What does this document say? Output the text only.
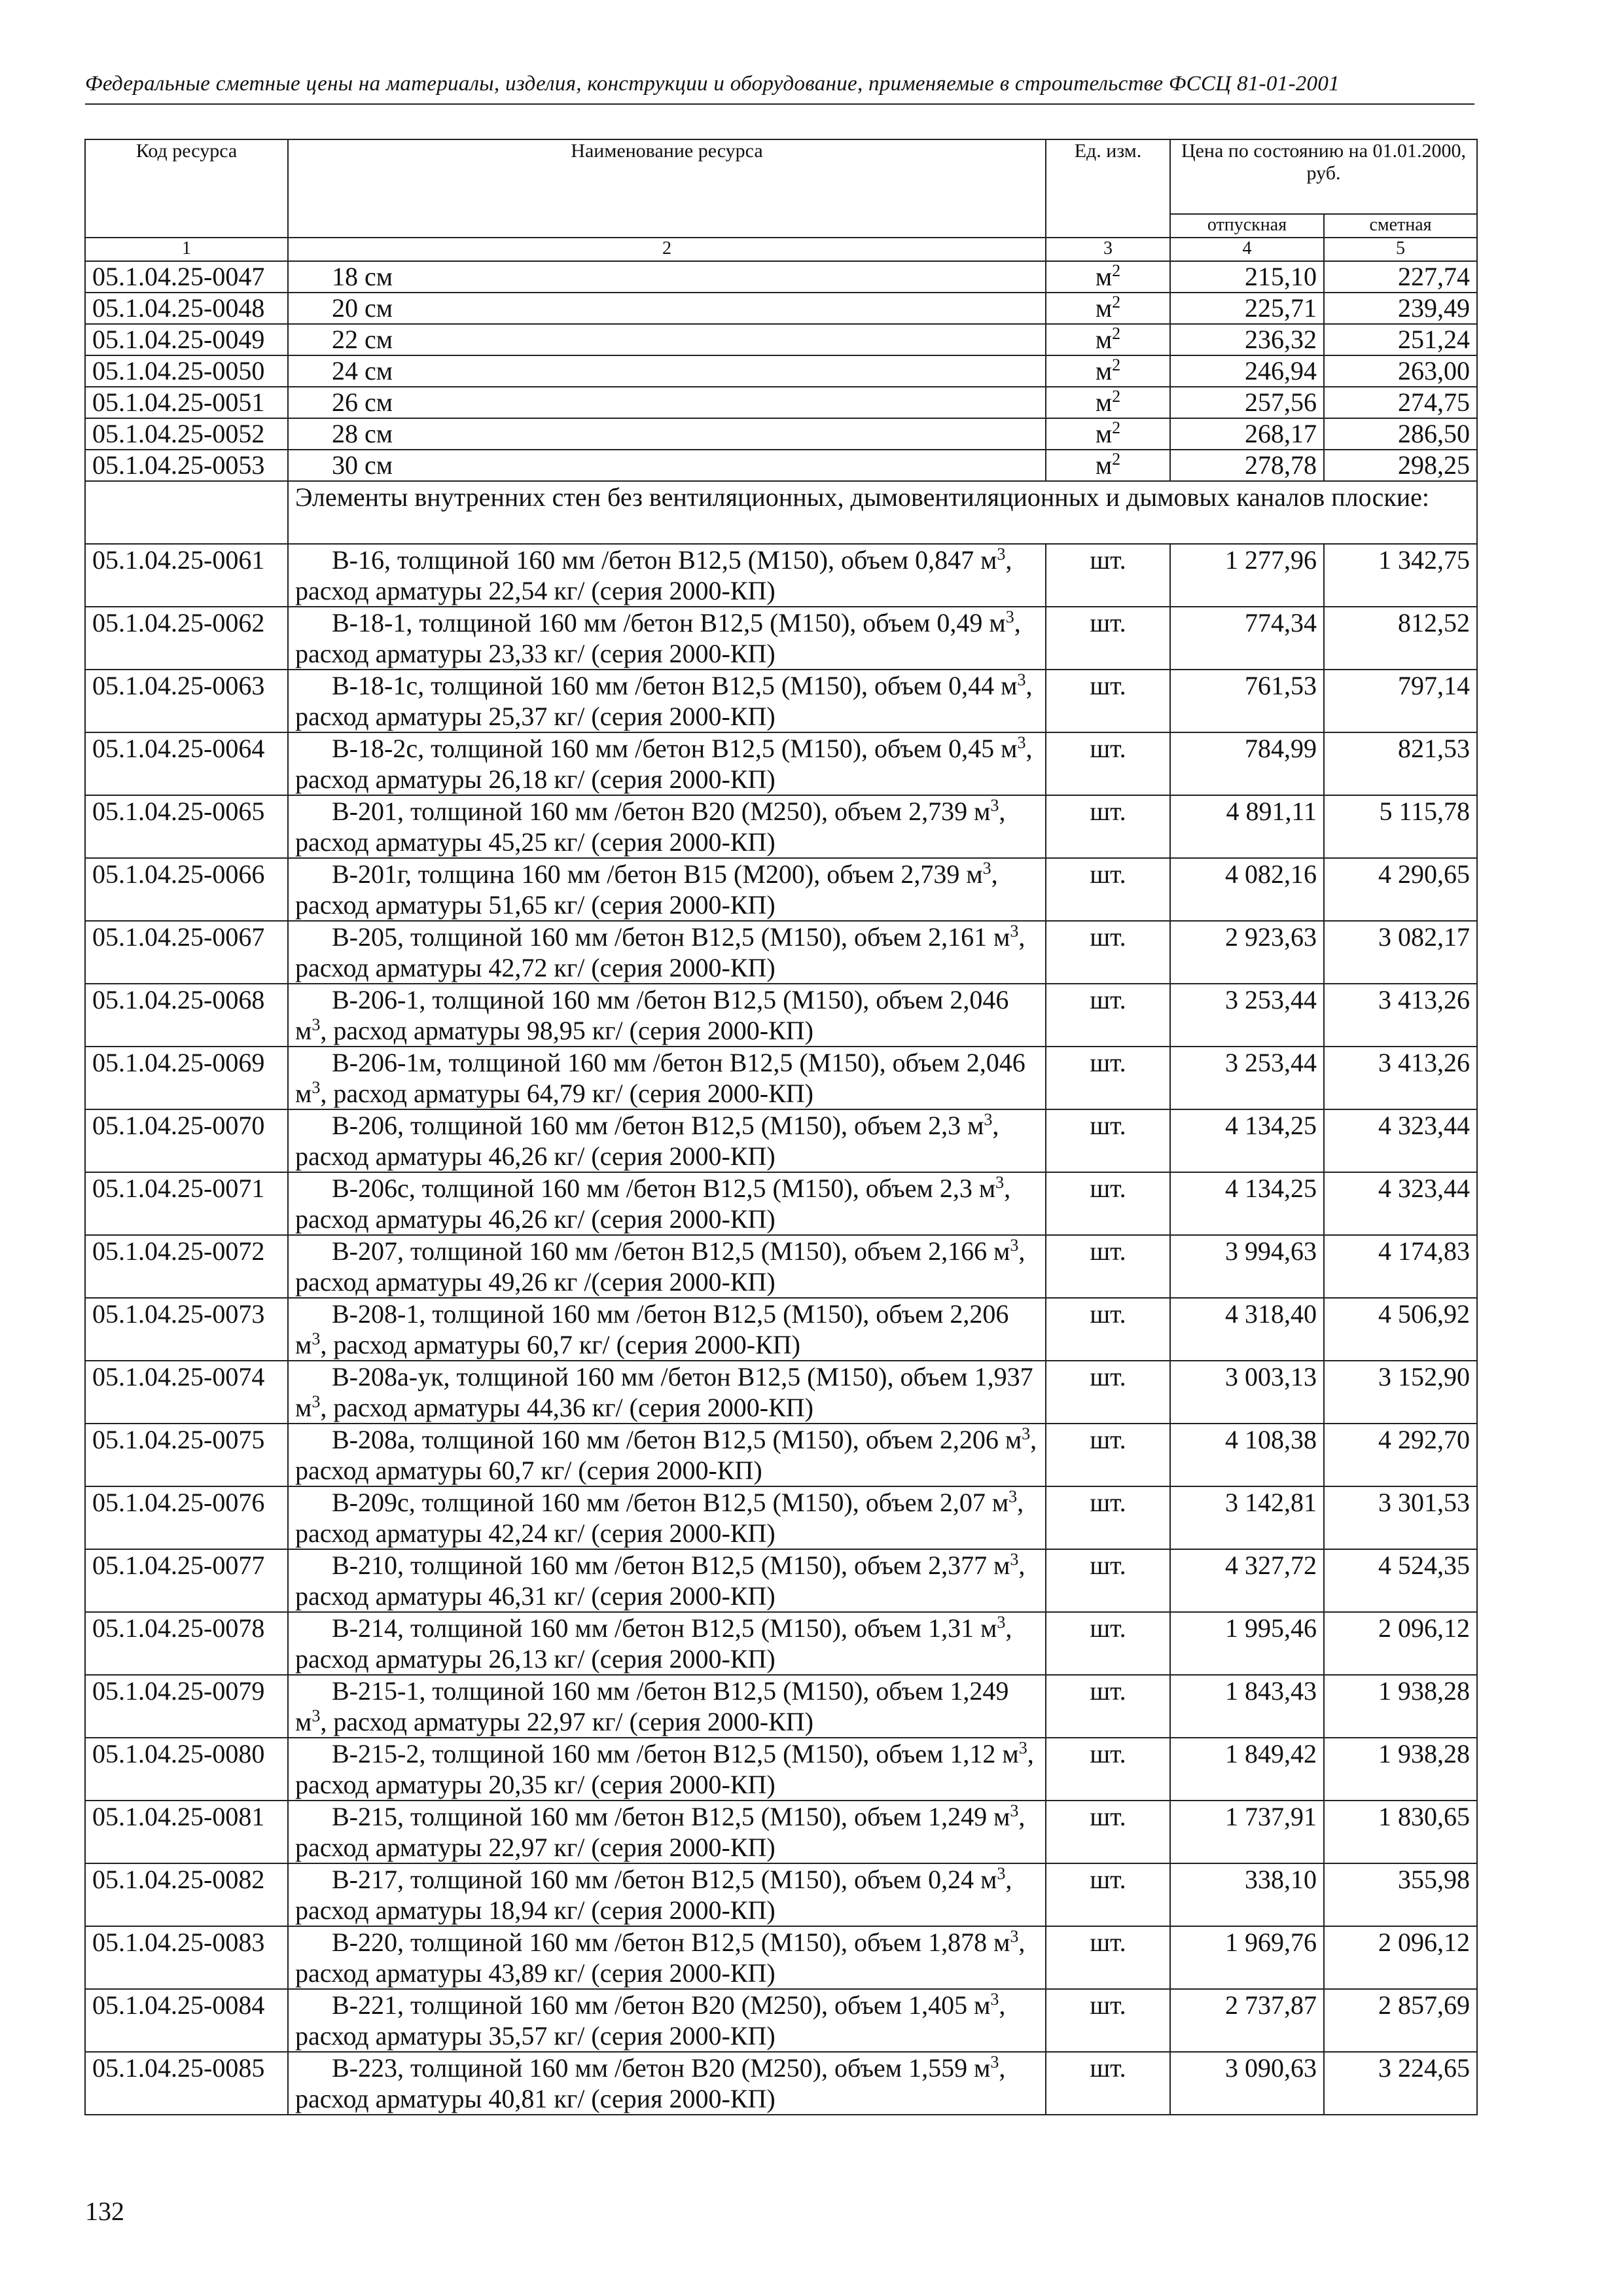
Федеральные сметные цены на материалы, изделия, конструкции и оборудование, применяемые в строительстве ФССЦ 81-01-2001
Код ресурса	Наименование ресурса	Ед. изм.	Цена по состоянию на 01.01.2000, руб.	
			отпускная	сметная
1	2	3	4	5
05.1.04.25-0047	18 см	$м^2$	215,10	227,74
05.1.04.25-0048	20 см	$м^2$	225,71	239,49
05.1.04.25-0049	22 см	$м^2$	236,32	251,24
05.1.04.25-0050	24 см	$м^2$	246,94	263,00
05.1.04.25-0051	26 см	$м^2$	257,56	274,75
05.1.04.25-0052	28 см	$м^2$	268,17	286,50
05.1.04.25-0053	30 см	$м^2$	278,78	298,25
	Элементы внутренних стен без вентиляционных, дымовентиляционных и дымовых каналов плоские:			
05.1.04.25-0061	В-16, толщиной 160 мм /бетон В12,5 (М150), объем 0,847 $м^3$, расход арматуры 22,54 кг/ (серия 2000-КП)	шт.	1 277,96	1 342,75
05.1.04.25-0062	В-18-1, толщиной 160 мм /бетон В12,5 (М150), объем 0,49 $м^3$, расход арматуры 23,33 кг/ (серия 2000-КП)	шт.	774,34	812,52
05.1.04.25-0063	В-18-1с, толщиной 160 мм /бетон В12,5 (М150), объем 0,44 $м^3$, расход арматуры 25,37 кг/ (серия 2000-КП)	шт.	761,53	797,14
05.1.04.25-0064	В-18-2с, толщиной 160 мм /бетон В12,5 (М150), объем 0,45 $м^3$, расход арматуры 26,18 кг/ (серия 2000-КП)	шт.	784,99	821,53
05.1.04.25-0065	В-201, толщиной 160 мм /бетон В20 (М250), объем 2,739 $м^3$, расход арматуры 45,25 кг/ (серия 2000-КП)	шт.	4 891,11	5 115,78
05.1.04.25-0066	В-201г, толщина 160 мм /бетон В15 (М200), объем 2,739 $м^3$, расход арматуры 51,65 кг/ (серия 2000-КП)	шт.	4 082,16	4 290,65
05.1.04.25-0067	В-205, толщиной 160 мм /бетон В12,5 (М150), объем 2,161 $м^3$, расход арматуры 42,72 кг/ (серия 2000-КП)	шт.	2 923,63	3 082,17
05.1.04.25-0068	В-206-1, толщиной 160 мм /бетон В12,5 (М150), объем 2,046 $м^3$, расход арматуры 98,95 кг/ (серия 2000-КП)	шт.	3 253,44	3 413,26
05.1.04.25-0069	В-206-1м, толщиной 160 мм /бетон В12,5 (М150), объем 2,046 $м^3$, расход арматуры 64,79 кг/ (серия 2000-КП)	шт.	3 253,44	3 413,26
05.1.04.25-0070	В-206, толщиной 160 мм /бетон В12,5 (М150), объем 2,3 $м^3$, расход арматуры 46,26 кг/ (серия 2000-КП)	шт.	4 134,25	4 323,44
05.1.04.25-0071	В-206с, толщиной 160 мм /бетон В12,5 (М150), объем 2,3 $м^3$, расход арматуры 46,26 кг/ (серия 2000-КП)	шт.	4 134,25	4 323,44
05.1.04.25-0072	В-207, толщиной 160 мм /бетон В12,5 (М150), объем 2,166 $м^3$, расход арматуры 49,26 кг /(серия 2000-КП)	шт.	3 994,63	4 174,83
05.1.04.25-0073	В-208-1, толщиной 160 мм /бетон В12,5 (М150), объем 2,206 $м^3$, расход арматуры 60,7 кг/ (серия 2000-КП)	шт.	4 318,40	4 506,92
05.1.04.25-0074	В-208а-ук, толщиной 160 мм /бетон В12,5 (М150), объем 1,937 $м^3$, расход арматуры 44,36 кг/ (серия 2000-КП)	шт.	3 003,13	3 152,90
05.1.04.25-0075	В-208а, толщиной 160 мм /бетон В12,5 (М150), объем 2,206 $м^3$, расход арматуры 60,7 кг/ (серия 2000-КП)	шт.	4 108,38	4 292,70
05.1.04.25-0076	В-209с, толщиной 160 мм /бетон В12,5 (М150), объем 2,07 $м^3$, расход арматуры 42,24 кг/ (серия 2000-КП)	шт.	3 142,81	3 301,53
05.1.04.25-0077	В-210, толщиной 160 мм /бетон В12,5 (М150), объем 2,377 $м^3$, расход арматуры 46,31 кг/ (серия 2000-КП)	шт.	4 327,72	4 524,35
05.1.04.25-0078	В-214, толщиной 160 мм /бетон В12,5 (М150), объем 1,31 $м^3$, расход арматуры 26,13 кг/ (серия 2000-КП)	шт.	1 995,46	2 096,12
05.1.04.25-0079	В-215-1, толщиной 160 мм /бетон В12,5 (М150), объем 1,249 $м^3$, расход арматуры 22,97 кг/ (серия 2000-КП)	шт.	1 843,43	1 938,28
05.1.04.25-0080	В-215-2, толщиной 160 мм /бетон В12,5 (М150), объем 1,12 $м^3$, расход арматуры 20,35 кг/ (серия 2000-КП)	шт.	1 849,42	1 938,28
05.1.04.25-0081	В-215, толщиной 160 мм /бетон В12,5 (М150), объем 1,249 $м^3$, расход арматуры 22,97 кг/ (серия 2000-КП)	шт.	1 737,91	1 830,65
05.1.04.25-0082	В-217, толщиной 160 мм /бетон В12,5 (М150), объем 0,24 $м^3$, расход арматуры 18,94 кг/ (серия 2000-КП)	шт.	338,10	355,98
05.1.04.25-0083	В-220, толщиной 160 мм /бетон В12,5 (М150), объем 1,878 $м^3$, расход арматуры 43,89 кг/ (серия 2000-КП)	шт.	1 969,76	2 096,12
05.1.04.25-0084	В-221, толщиной 160 мм /бетон В20 (М250), объем 1,405 $м^3$, расход арматуры 35,57 кг/ (серия 2000-КП)	шт.	2 737,87	2 857,69
05.1.04.25-0085	В-223, толщиной 160 мм /бетон В20 (М250), объем 1,559 $м^3$, расход арматуры 40,81 кг/ (серия 2000-КП)	шт.	3 090,63	3 224,65
132
